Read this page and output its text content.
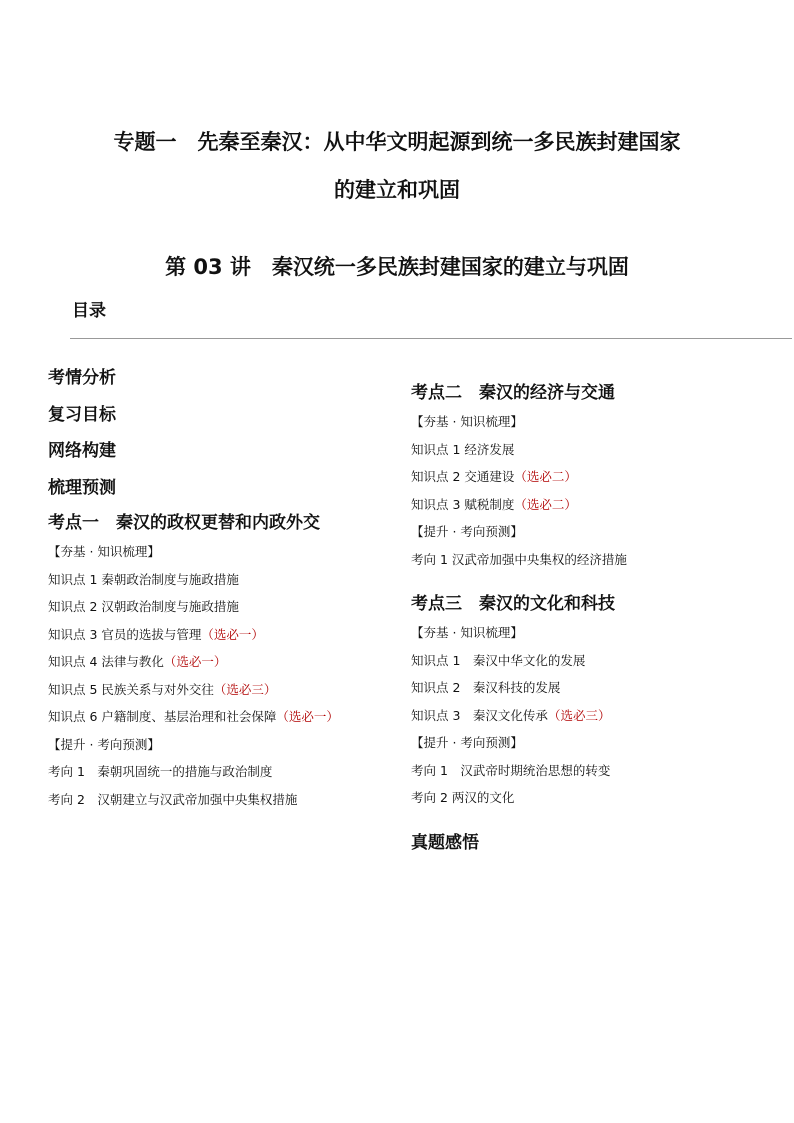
专题一　先秦至秦汉：从中华文明起源到统一多民族封建国家
的建立和巩固
第 03 讲　秦汉统一多民族封建国家的建立与巩固
目录
考情分析
复习目标
网络构建
梳理预测
考点一　秦汉的政权更替和内政外交
【夯基 · 知识梳理】
知识点 1 秦朝政治制度与施政措施
知识点 2 汉朝政治制度与施政措施
知识点 3 官员的选拔与管理（选必一）
知识点 4 法律与教化（选必一）
知识点 5 民族关系与对外交往（选必三）
知识点 6 户籍制度、基层治理和社会保障（选必一）
【提升 · 考向预测】
考向 1　秦朝巩固统一的措施与政治制度
考向 2　汉朝建立与汉武帝加强中央集权措施
考点二　秦汉的经济与交通
【夯基 · 知识梳理】
知识点 1 经济发展
知识点 2 交通建设（选必二）
知识点 3 赋税制度（选必二）
【提升 · 考向预测】
考向 1 汉武帝加强中央集权的经济措施
考点三　秦汉的文化和科技
【夯基 · 知识梳理】
知识点 1　秦汉中华文化的发展
知识点 2　秦汉科技的发展
知识点 3　秦汉文化传承（选必三）
【提升 · 考向预测】
考向 1　汉武帝时期统治思想的转变
考向 2 两汉的文化
真题感悟
